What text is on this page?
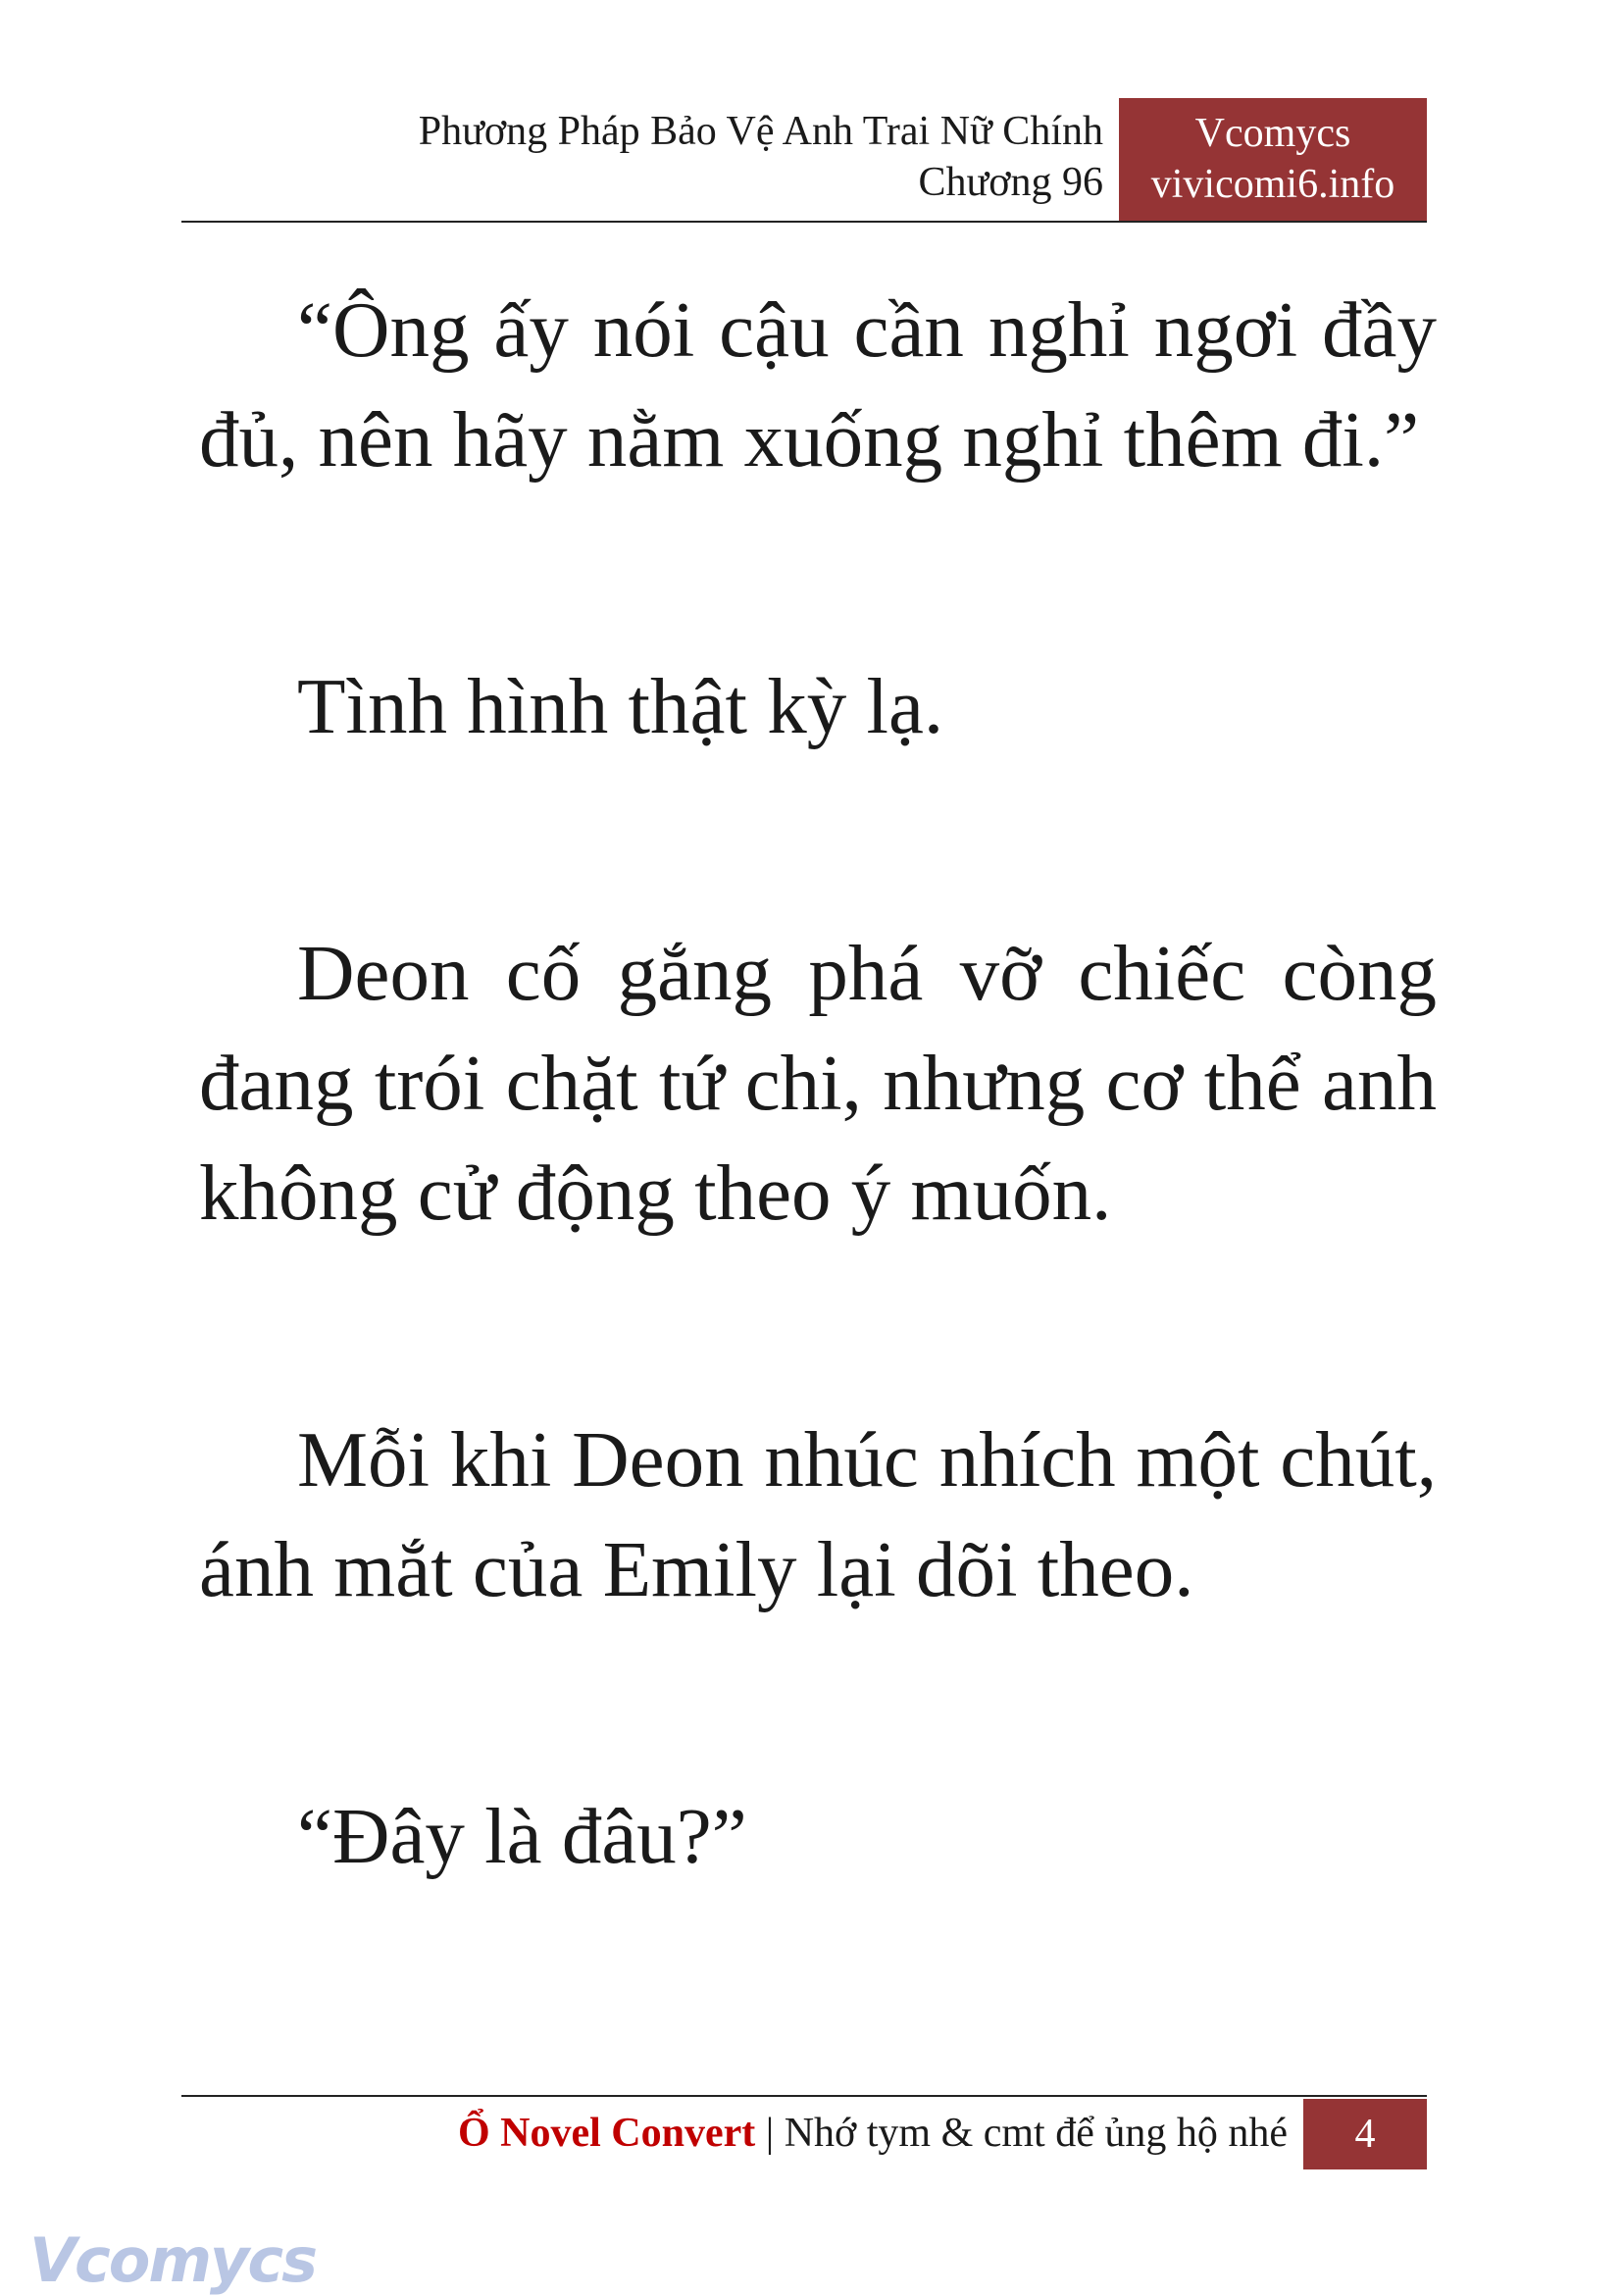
Phương Pháp Bảo Vệ Anh Trai Nữ Chính
Chương 96
Vcomycs
vivicomi6.info

“Ông ấy nói cậu cần nghỉ ngơi đầy đủ, nên hãy nằm xuống nghỉ thêm đi.”

Tình hình thật kỳ lạ.

Deon cố gắng phá vỡ chiếc còng đang trói chặt tứ chi, nhưng cơ thể anh không cử động theo ý muốn.

Mỗi khi Deon nhúc nhích một chút, ánh mắt của Emily lại dõi theo.

“Đây là đâu?”

Ổ Novel Convert | Nhớ tym & cmt để ủng hộ nhé	4
Vcomycs
